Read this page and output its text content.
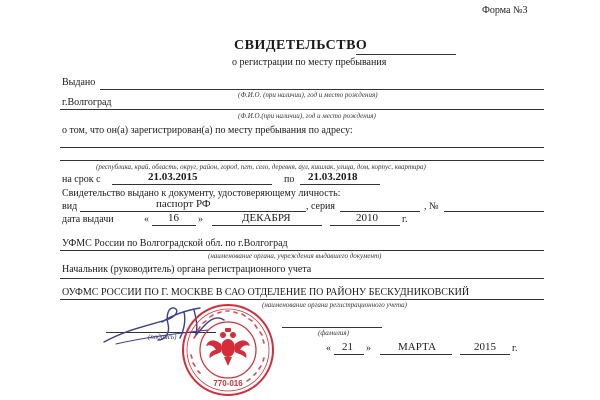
Форма №3
СВИДЕТЕЛЬСТВО
о регистрации по месту пребывания
Выдано
(Ф.И.О. (при наличии), год и место рождения)
г.Волгоград
(Ф.И.О.(при наличии), год и место рождения)
о том, что он(а) зарегистрирован(а) по месту пребывания по адресу:
(республика, край, область, округ, район, город, пгт, село, деревня, аул, кишлак, улица, дом, корпус, квартира)
на срок с	21.03.2015	по 21.03.2018
Свидетельство выдано к документу, удостоверяющему личность:
вид	паспорт РФ	, серия	, №
дата выдачи	« 16 »	ДЕКАБРЯ	2010 г.
УФМС России по Волгоградской обл. по г.Волгоград
(наименование органа, учреждения выдавшего документ)
Начальник (руководитель) органа регистрационного учета
ОУФМС РОССИИ ПО Г. МОСКВЕ В САО ОТДЕЛЕНИЕ ПО РАЙОНУ БЕСКУДНИКОВСКИЙ
(наименование органа регистрационного учета)
(подпись)	(фамилия)
« 21 » МАРТА	2015 г.
770-016
